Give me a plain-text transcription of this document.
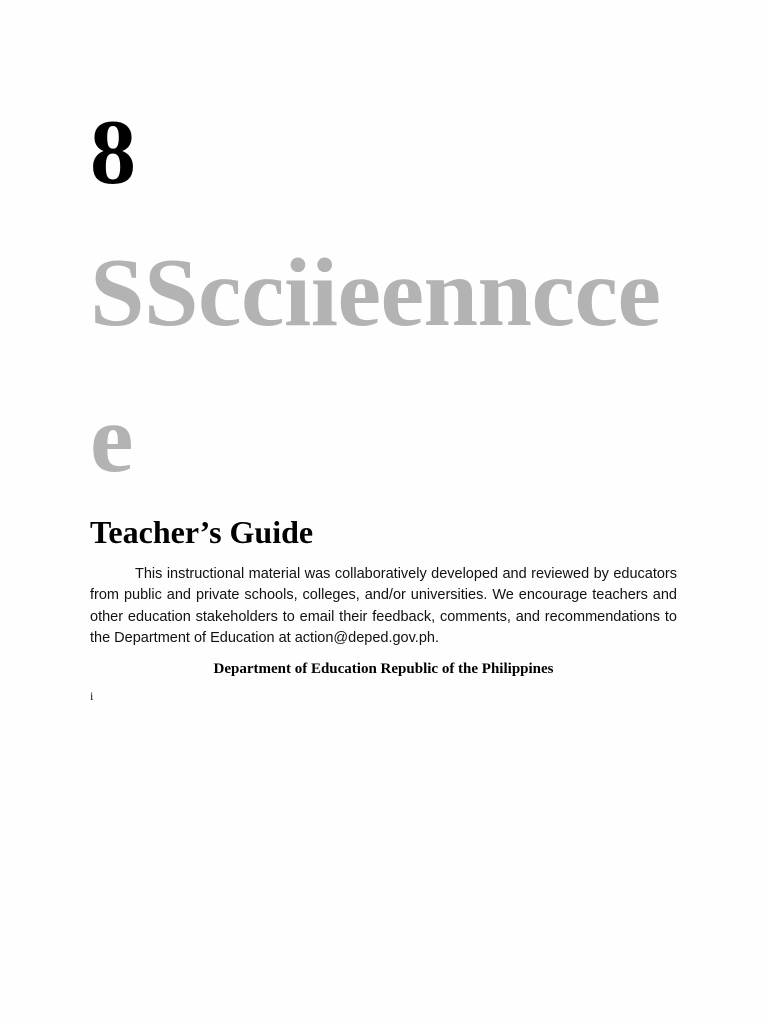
8
SScciieenncce
e
Teacher’s Guide

This instructional material was collaboratively developed and reviewed by educators from public and private schools, colleges, and/or universities. We encourage teachers and other education stakeholders to email their feedback, comments, and recommendations to the Department of Education at action@deped.gov.ph.

Department of Education Republic of the Philippines

i
